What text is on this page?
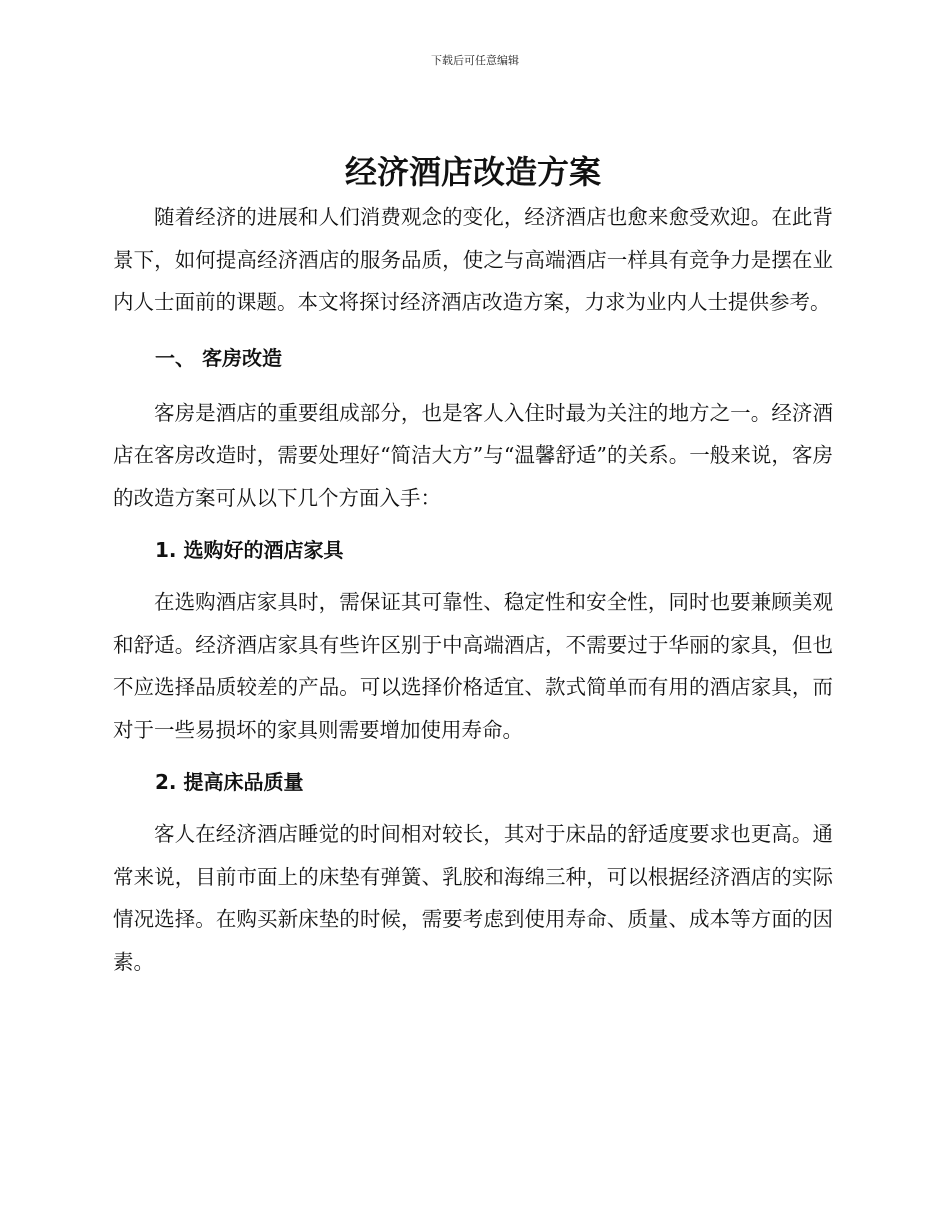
下载后可任意编辑
经济酒店改造方案

随着经济的进展和人们消费观念的变化，经济酒店也愈来愈受欢迎。在此背景下，如何提高经济酒店的服务品质，使之与高端酒店一样具有竞争力是摆在业内人士面前的课题。本文将探讨经济酒店改造方案，力求为业内人士提供参考。

一、 客房改造

客房是酒店的重要组成部分，也是客人入住时最为关注的地方之一。经济酒店在客房改造时，需要处理好“简洁大方”与“温馨舒适”的关系。一般来说，客房的改造方案可从以下几个方面入手：

1. 选购好的酒店家具

在选购酒店家具时，需保证其可靠性、稳定性和安全性，同时也要兼顾美观和舒适。经济酒店家具有些许区别于中高端酒店，不需要过于华丽的家具，但也不应选择品质较差的产品。可以选择价格适宜、款式简单而有用的酒店家具，而对于一些易损坏的家具则需要增加使用寿命。

2. 提高床品质量

客人在经济酒店睡觉的时间相对较长，其对于床品的舒适度要求也更高。通常来说，目前市面上的床垫有弹簧、乳胶和海绵三种，可以根据经济酒店的实际情况选择。在购买新床垫的时候，需要考虑到使用寿命、质量、成本等方面的因素。
